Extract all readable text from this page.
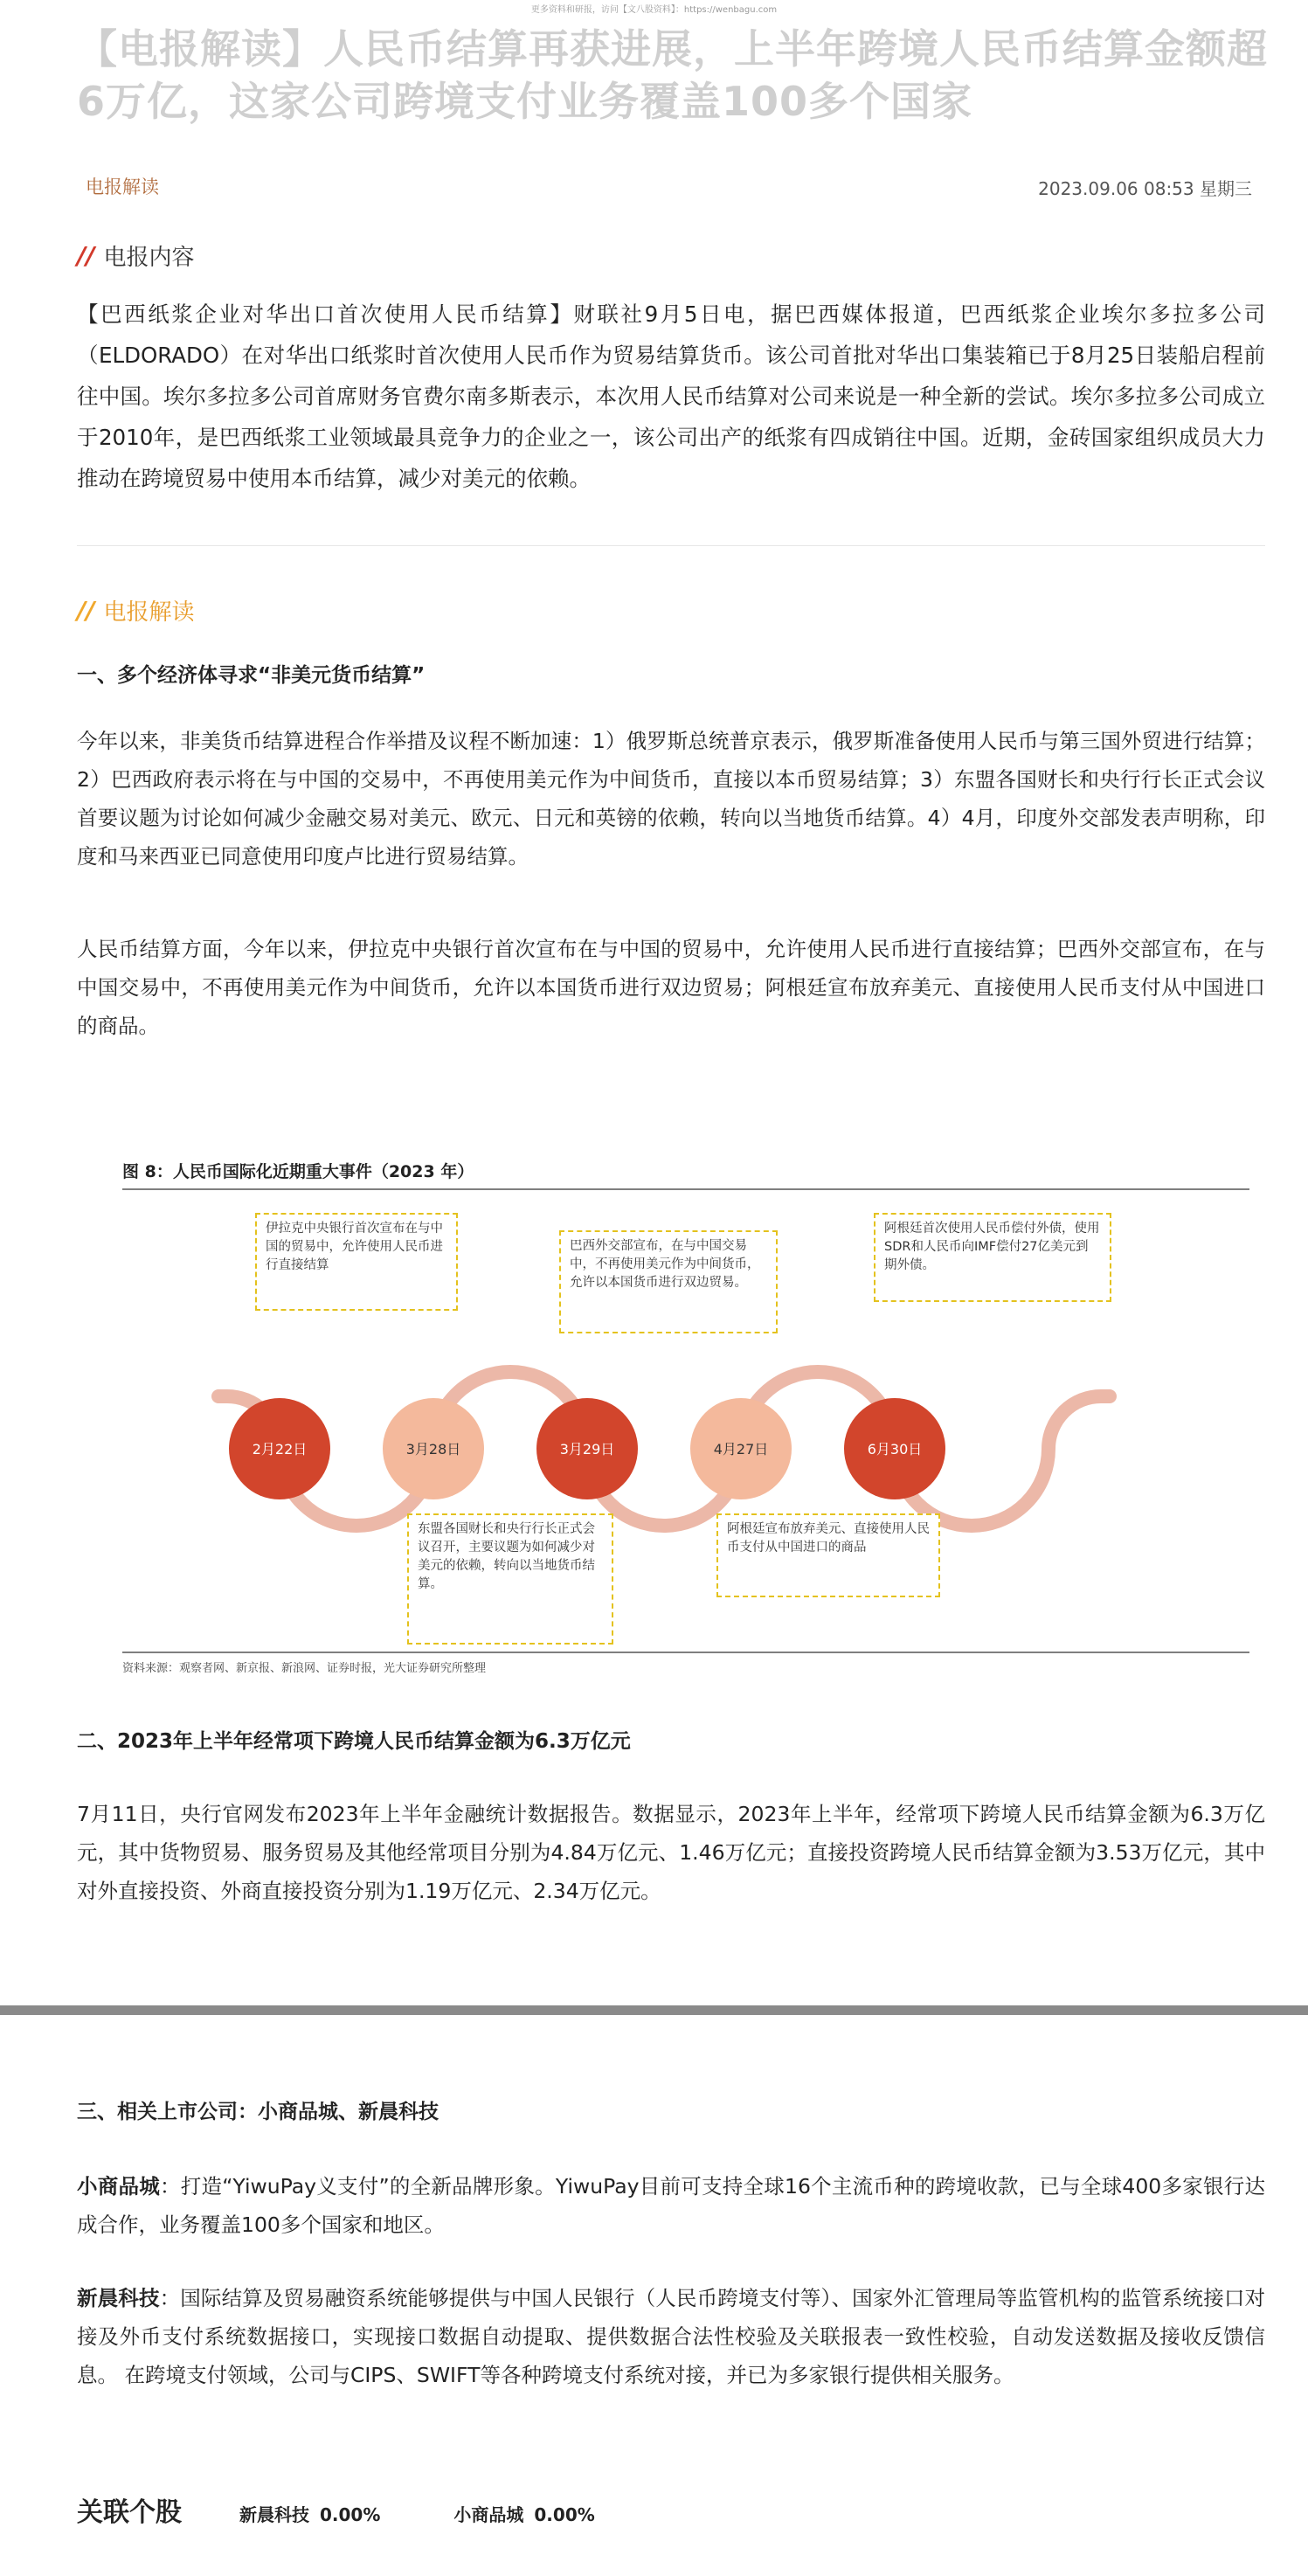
更多资料和研报，访问【文八股资料】：https://wenbagu.com
【电报解读】人民币结算再获进展，上半年跨境人民币结算金额超6万亿，这家公司跨境支付业务覆盖100多个国家
电报解读	2023.09.06 08:53 星期三
// 电报内容

【巴西纸浆企业对华出口首次使用人民币结算】财联社9月5日电，据巴西媒体报道，巴西纸浆企业埃尔多拉多公司（ELDORADO）在对华出口纸浆时首次使用人民币作为贸易结算货币。该公司首批对华出口集装箱已于8月25日装船启程前往中国。埃尔多拉多公司首席财务官费尔南多斯表示，本次用人民币结算对公司来说是一种全新的尝试。埃尔多拉多公司成立于2010年，是巴西纸浆工业领域最具竞争力的企业之一，该公司出产的纸浆有四成销往中国。近期，金砖国家组织成员大力推动在跨境贸易中使用本币结算，减少对美元的依赖。

// 电报解读
一、多个经济体寻求“非美元货币结算”

今年以来，非美货币结算进程合作举措及议程不断加速：1）俄罗斯总统普京表示，俄罗斯准备使用人民币与第三国外贸进行结算；2）巴西政府表示将在与中国的交易中，不再使用美元作为中间货币，直接以本币贸易结算；3）东盟各国财长和央行行长正式会议首要议题为讨论如何减少金融交易对美元、欧元、日元和英镑的依赖，转向以当地货币结算。4）4月，印度外交部发表声明称，印度和马来西亚已同意使用印度卢比进行贸易结算。

人民币结算方面，今年以来，伊拉克中央银行首次宣布在与中国的贸易中，允许使用人民币进行直接结算；巴西外交部宣布，在与中国交易中，不再使用美元作为中间货币，允许以本国货币进行双边贸易；阿根廷宣布放弃美元、直接使用人民币支付从中国进口的商品。

图 8：人民币国际化近期重大事件（2023 年）
2月22日	3月28日	3月29日	4月27日	6月30日
伊拉克中央银行首次宣布在与中国的贸易中，允许使用人民币进行直接结算
东盟各国财长和央行行长正式会议召开，主要议题为如何减少对美元的依赖，转向以当地货币结算。
巴西外交部宣布，在与中国交易中，不再使用美元作为中间货币，允许以本国货币进行双边贸易。
阿根廷宣布放弃美元、直接使用人民币支付从中国进口的商品
阿根廷首次使用人民币偿付外债，使用SDR和人民币向IMF偿付27亿美元到期外债。
资料来源：观察者网、新京报、新浪网、证券时报，光大证券研究所整理
二、2023年上半年经常项下跨境人民币结算金额为6.3万亿元

7月11日，央行官网发布2023年上半年金融统计数据报告。数据显示，2023年上半年，经常项下跨境人民币结算金额为6.3万亿元，其中货物贸易、服务贸易及其他经常项目分别为4.84万亿元、1.46万亿元；直接投资跨境人民币结算金额为3.53万亿元，其中对外直接投资、外商直接投资分别为1.19万亿元、2.34万亿元。

三、相关上市公司：小商品城、新晨科技

小商品城：打造“YiwuPay义支付”的全新品牌形象。YiwuPay目前可支持全球16个主流币种的跨境收款，已与全球400多家银行达成合作，业务覆盖100多个国家和地区。

新晨科技：国际结算及贸易融资系统能够提供与中国人民银行（人民币跨境支付等）、国家外汇管理局等监管机构的监管系统接口对接及外币支付系统数据接口，实现接口数据自动提取、提供数据合法性校验及关联报表一致性校验，自动发送数据及接收反馈信息。 在跨境支付领域，公司与CIPS、SWIFT等各种跨境支付系统对接，并已为多家银行提供相关服务。

关联个股	新晨科技 0.00%	小商品城 0.00%
